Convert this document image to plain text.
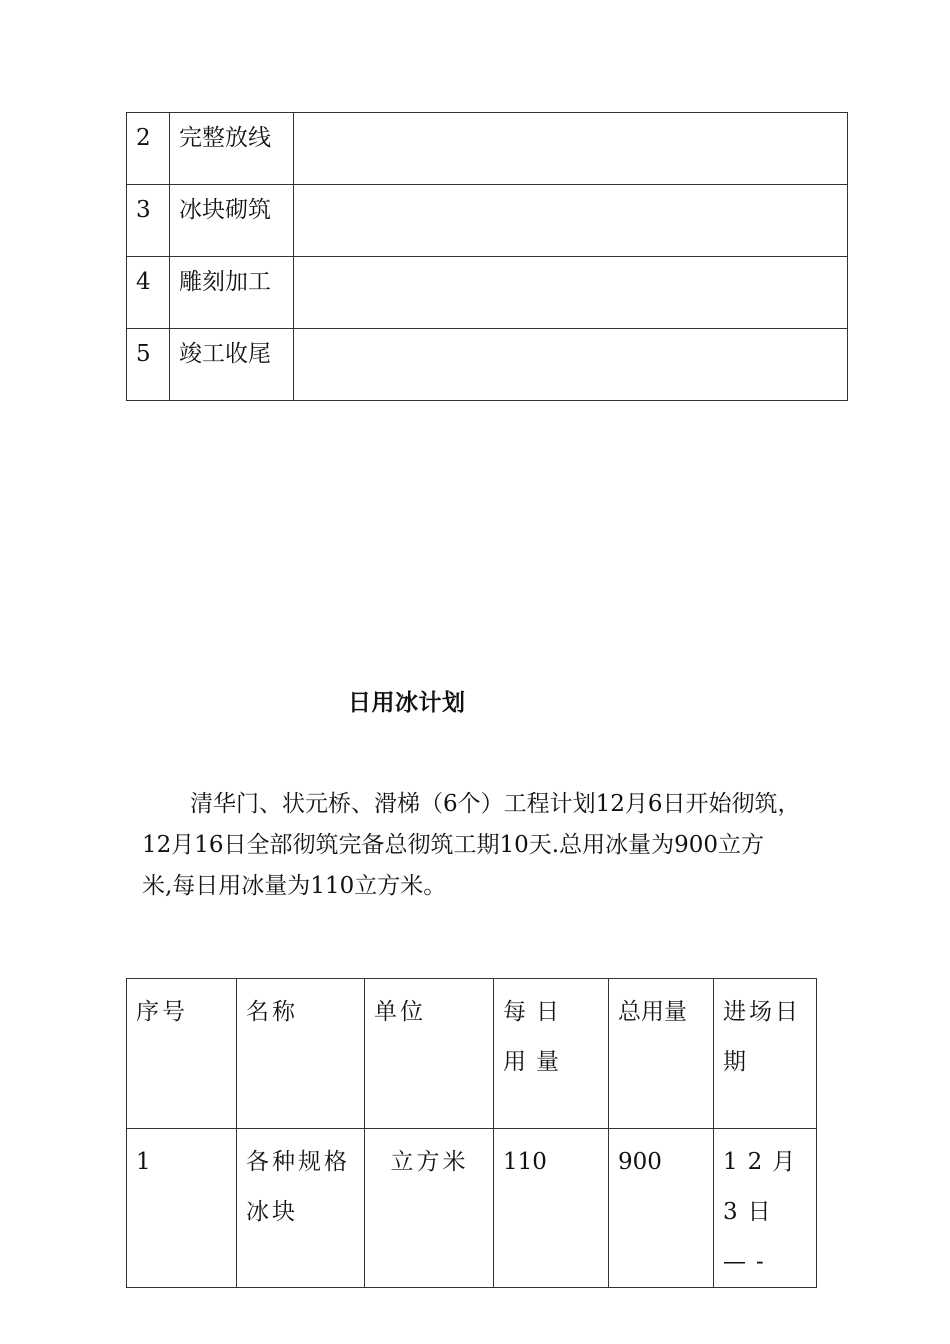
2	完整放线	
3	冰块砌筑	
4	雕刻加工	
5	竣工收尾	
日用冰计划
清华门、状元桥、滑梯（6个）工程计划12月6日开始彻筑，
12月16日全部彻筑完备总彻筑工期10天.总用冰量为900立方
米,每日用冰量为110立方米。
序号	名称	单位	每日用量	总用量	进场日期
1	各种规格冰块	立方米	110	900	12月3日—-
